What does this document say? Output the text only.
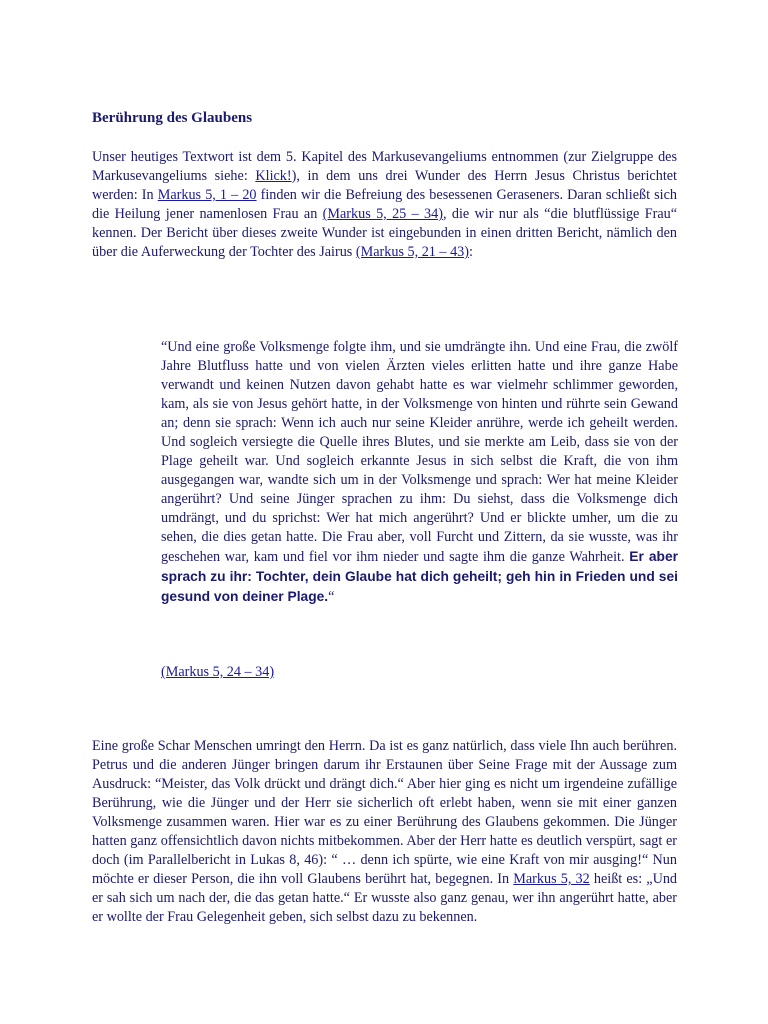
Berührung des Glaubens

Unser heutiges Textwort ist dem 5. Kapitel des Markusevangeliums entnommen (zur Zielgruppe des Markusevangeliums siehe: Klick!), in dem uns drei Wunder des Herrn Jesus Christus berichtet werden: In Markus 5, 1 – 20 finden wir die Befreiung des besessenen Geraseners. Daran schließt sich die Heilung jener namenlosen Frau an (Markus 5, 25 – 34), die wir nur als “die blutflüssige Frau“ kennen. Der Bericht über dieses zweite Wunder ist eingebunden in einen dritten Bericht, nämlich den über die Auferweckung der Tochter des Jairus (Markus 5, 21 – 43):

“Und eine große Volksmenge folgte ihm, und sie umdrängte ihn. Und eine Frau, die zwölf Jahre Blutfluss hatte und von vielen Ärzten vieles erlitten hatte und ihre ganze Habe verwandt und keinen Nutzen davon gehabt hatte es war vielmehr schlimmer geworden, kam, als sie von Jesus gehört hatte, in der Volksmenge von hinten und rührte sein Gewand an; denn sie sprach: Wenn ich auch nur seine Kleider anrühre, werde ich geheilt werden. Und sogleich versiegte die Quelle ihres Blutes, und sie merkte am Leib, dass sie von der Plage geheilt war. Und sogleich erkannte Jesus in sich selbst die Kraft, die von ihm ausgegangen war, wandte sich um in der Volksmenge und sprach: Wer hat meine Kleider angerührt? Und seine Jünger sprachen zu ihm: Du siehst, dass die Volksmenge dich umdrängt, und du sprichst: Wer hat mich angerührt? Und er blickte umher, um die zu sehen, die dies getan hatte. Die Frau aber, voll Furcht und Zittern, da sie wusste, was ihr geschehen war, kam und fiel vor ihm nieder und sagte ihm die ganze Wahrheit. Er aber sprach zu ihr: Tochter, dein Glaube hat dich geheilt; geh hin in Frieden und sei gesund von deiner Plage.“

(Markus 5, 24 – 34)

Eine große Schar Menschen umringt den Herrn. Da ist es ganz natürlich, dass viele Ihn auch berühren. Petrus und die anderen Jünger bringen darum ihr Erstaunen über Seine Frage mit der Aussage zum Ausdruck: “Meister, das Volk drückt und drängt dich.“ Aber hier ging es nicht um irgendeine zufällige Berührung, wie die Jünger und der Herr sie sicherlich oft erlebt haben, wenn sie mit einer ganzen Volksmenge zusammen waren. Hier war es zu einer Berührung des Glaubens gekommen. Die Jünger hatten ganz offensichtlich davon nichts mitbekommen. Aber der Herr hatte es deutlich verspürt, sagt er doch (im Parallelbericht in Lukas 8, 46): “ … denn ich spürte, wie eine Kraft von mir ausging!“ Nun möchte er dieser Person, die ihn voll Glaubens berührt hat, begegnen. In Markus 5, 32 heißt es: „Und er sah sich um nach der, die das getan hatte.“ Er wusste also ganz genau, wer ihn angerührt hatte, aber er wollte der Frau Gelegenheit geben, sich selbst dazu zu bekennen.
